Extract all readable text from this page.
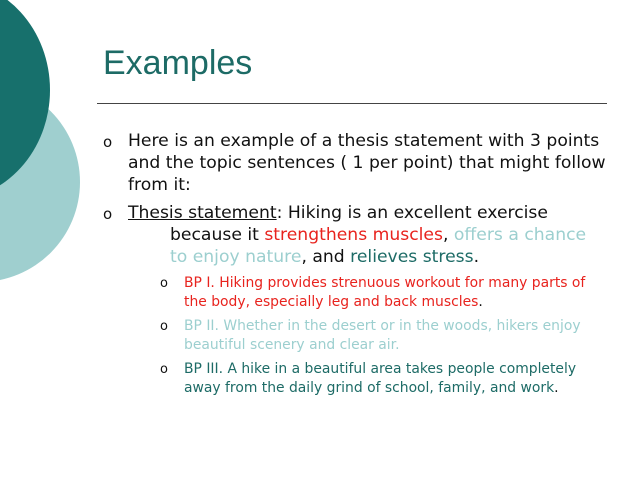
Examples
o Here is an example of a thesis statement with 3 points and the topic sentences ( 1 per point) that might follow from it:
o Thesis statement: Hiking is an excellent exercise
because it strengthens muscles, offers a chance to enjoy nature, and relieves stress.
o BP I. Hiking provides strenuous workout for many parts of the body, especially leg and back muscles.
o BP II. Whether in the desert or in the woods, hikers enjoy beautiful scenery and clear air.
o BP III. A hike in a beautiful area takes people completely away from the daily grind of school, family, and work.
